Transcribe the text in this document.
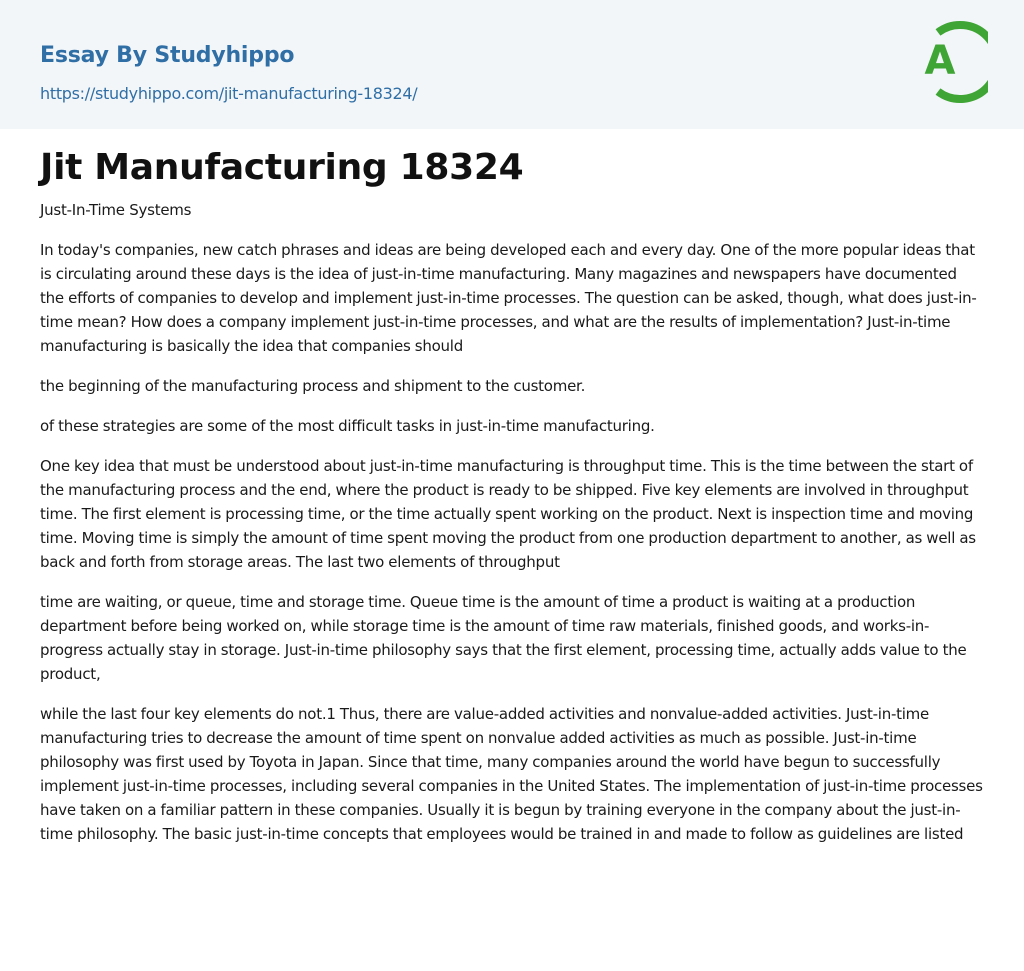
Essay By Studyhippo
https://studyhippo.com/jit-manufacturing-18324/
A
Jit Manufacturing 18324

Just-In-Time Systems

In today's companies, new catch phrases and ideas are being developed each and every day. One of the more popular ideas that is circulating around these days is the idea of just-in-time manufacturing. Many magazines and newspapers have documented the efforts of companies to develop and implement just-in-time processes. The question can be asked, though, what does just-in-time mean? How does a company implement just-in-time processes, and what are the results of implementation? Just-in-time manufacturing is basically the idea that companies should

the beginning of the manufacturing process and shipment to the customer.

of these strategies are some of the most difficult tasks in just-in-time manufacturing.

One key idea that must be understood about just-in-time manufacturing is throughput time. This is the time between the start of the manufacturing process and the end, where the product is ready to be shipped. Five key elements are involved in throughput time. The first element is processing time, or the time actually spent working on the product. Next is inspection time and moving time. Moving time is simply the amount of time spent moving the product from one production department to another, as well as back and forth from storage areas. The last two elements of throughput

time are waiting, or queue, time and storage time. Queue time is the amount of time a product is waiting at a production department before being worked on, while storage time is the amount of time raw materials, finished goods, and works-in-progress actually stay in storage. Just-in-time philosophy says that the first element, processing time, actually adds value to the product,

while the last four key elements do not.1 Thus, there are value-added activities and nonvalue-added activities. Just-in-time manufacturing tries to decrease the amount of time spent on nonvalue added activities as much as possible. Just-in-time philosophy was first used by Toyota in Japan. Since that time, many companies around the world have begun to successfully implement just-in-time processes, including several companies in the United States. The implementation of just-in-time processes have taken on a familiar pattern in these companies. Usually it is begun by training everyone in the company about the just-in-time philosophy. The basic just-in-time concepts that employees would be trained in and made to follow as guidelines are listed
